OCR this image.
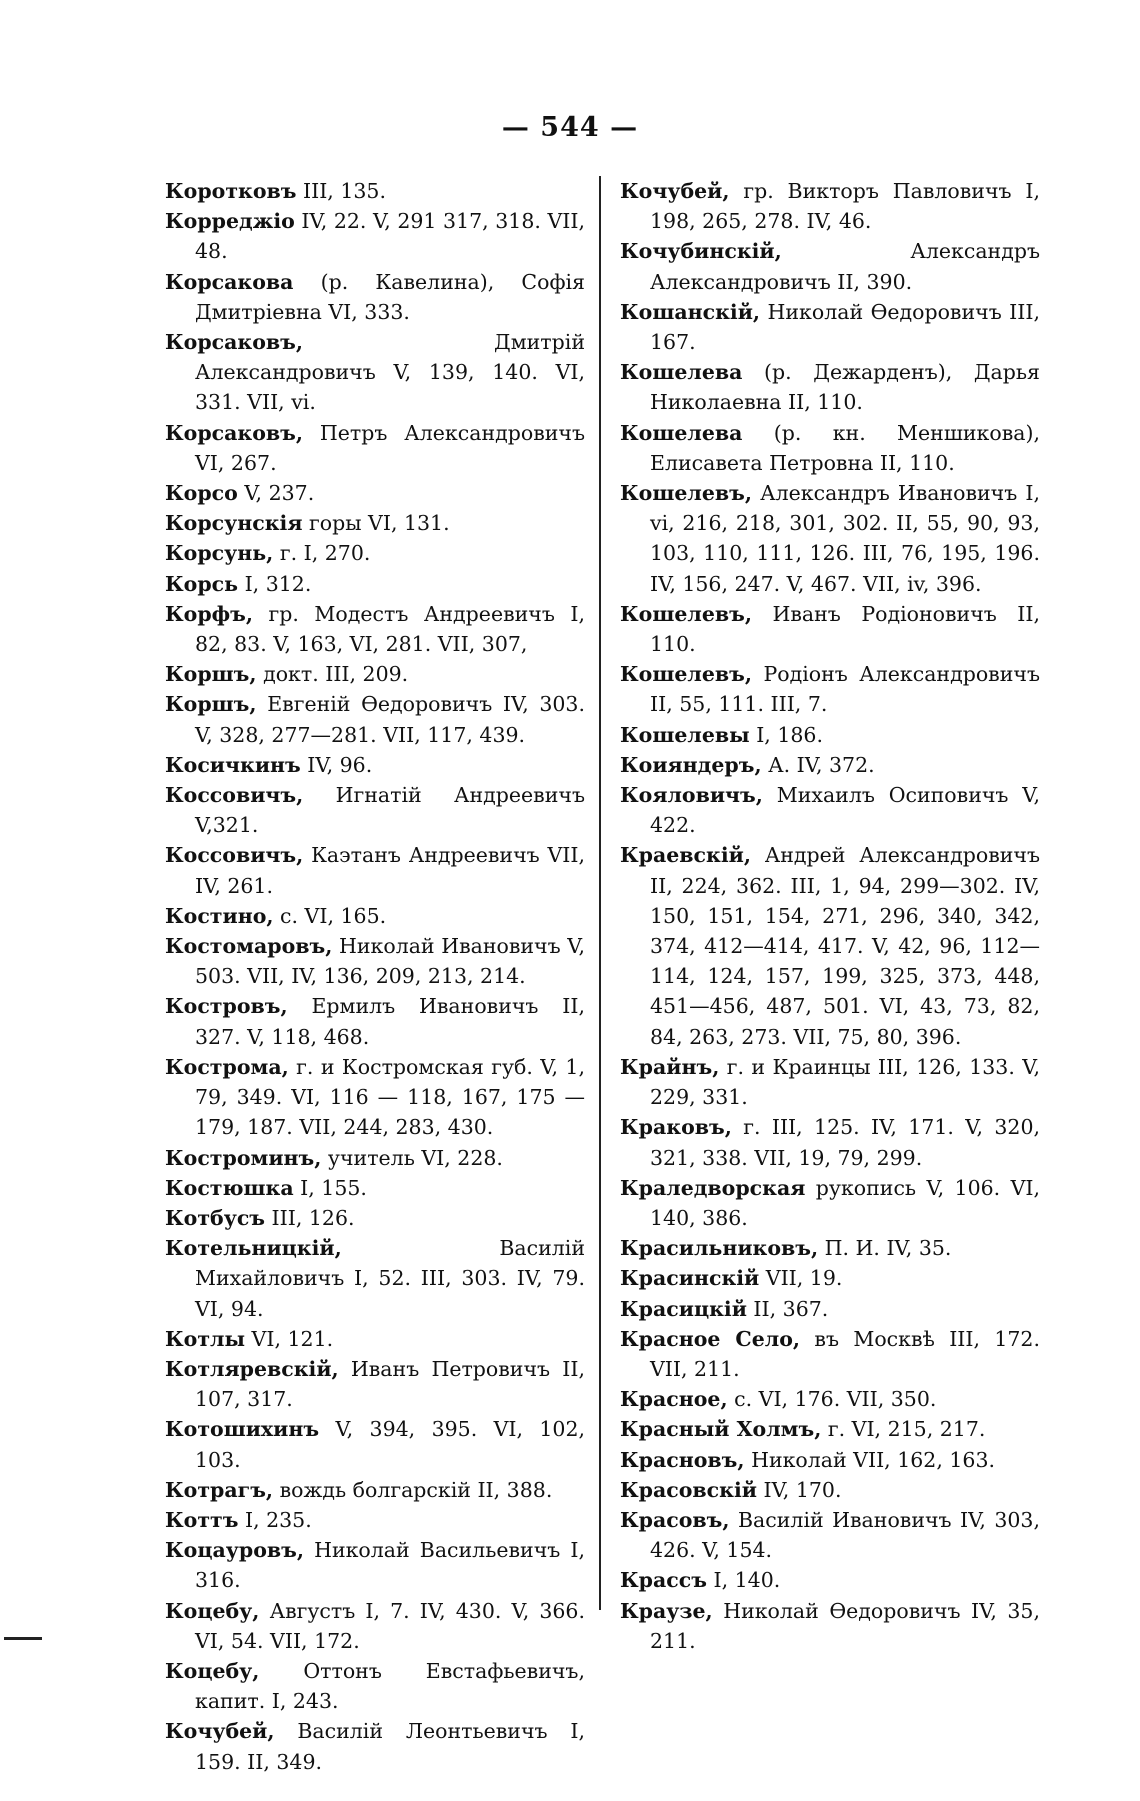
— 544 —
Коротковъ III, 135.
Корреджіо IV, 22. V, 291 317, 318. VII, 48.
Корсакова (р. Кавелина), Софія Дмитріевна VI, 333.
Корсаковъ, Дмитрій Александровичъ V, 139, 140. VI, 331. VII, vi.
Корсаковъ, Петръ Александровичъ VI, 267.
Корсо V, 237.
Корсунскія горы VI, 131.
Корсунь, г. I, 270.
Корсь I, 312.
Корфъ, гр. Модестъ Андреевичъ I, 82, 83. V, 163, VI, 281. VII, 307,
Коршъ, докт. III, 209.
Коршъ, Евгеній Өедоровичъ IV, 303. V, 328, 277—281. VII, 117, 439.
Косичкинъ IV, 96.
Коссовичъ, Игнатій Андреевичъ V,321.
Коссовичъ, Каэтанъ Андреевичъ VII, IV, 261.
Костино, с. VI, 165.
Костомаровъ, Николай Ивановичъ V, 503. VII, IV, 136, 209, 213, 214.
Костровъ, Ермилъ Ивановичъ II, 327. V, 118, 468.
Кострома, г. и Костромская губ. V, 1, 79, 349. VI, 116 — 118, 167, 175 — 179, 187. VII, 244, 283, 430.
Костроминъ, учитель VI, 228.
Костюшка I, 155.
Котбусъ III, 126.
Котельницкій, Василій Михайловичъ I, 52. III, 303. IV, 79. VI, 94.
Котлы VI, 121.
Котляревскій, Иванъ Петровичъ II, 107, 317.
Котошихинъ V, 394, 395. VI, 102, 103.
Котрагъ, вождь болгарскій II, 388.
Коттъ I, 235.
Коцауровъ, Николай Васильевичъ I, 316.
Коцебу, Августъ I, 7. IV, 430. V, 366. VI, 54. VII, 172.
Коцебу, Оттонъ Евстафьевичъ, капит. I, 243.
Кочубей, Василій Леонтьевичъ I, 159. II, 349.
Кочубей, гр. Викторъ Павловичъ I, 198, 265, 278. IV, 46.
Кочубинскій, Александръ Александровичъ II, 390.
Кошанскій, Николай Өедоровичъ III, 167.
Кошелева (р. Дежарденъ), Дарья Николаевна II, 110.
Кошелева (р. кн. Меншикова), Елисавета Петровна II, 110.
Кошелевъ, Александръ Ивановичъ I, vi, 216, 218, 301, 302. II, 55, 90, 93, 103, 110, 111, 126. III, 76, 195, 196. IV, 156, 247. V, 467. VII, iv, 396.
Кошелевъ, Иванъ Родіоновичъ II, 110.
Кошелевъ, Родіонъ Александровичъ II, 55, 111. III, 7.
Кошелевы I, 186.
Коияндеръ, А. IV, 372.
Кояловичъ, Михаилъ Осиповичъ V, 422.
Краевскій, Андрей Александровичъ II, 224, 362. III, 1, 94, 299—302. IV, 150, 151, 154, 271, 296, 340, 342, 374, 412—414, 417. V, 42, 96, 112—114, 124, 157, 199, 325, 373, 448, 451—456, 487, 501. VI, 43, 73, 82, 84, 263, 273. VII, 75, 80, 396.
Крайнъ, г. и Краинцы III, 126, 133. V, 229, 331.
Краковъ, г. III, 125. IV, 171. V, 320, 321, 338. VII, 19, 79, 299.
Краледворская рукопись V, 106. VI, 140, 386.
Красильниковъ, П. И. IV, 35.
Красинскій VII, 19.
Красицкій II, 367.
Красное Село, въ Москвѣ III, 172. VII, 211.
Красное, с. VI, 176. VII, 350.
Красный Холмъ, г. VI, 215, 217.
Красновъ, Николай VII, 162, 163.
Красовскій IV, 170.
Красовъ, Василій Ивановичъ IV, 303, 426. V, 154.
Крассъ I, 140.
Краузе, Николай Өедоровичъ IV, 35, 211.
